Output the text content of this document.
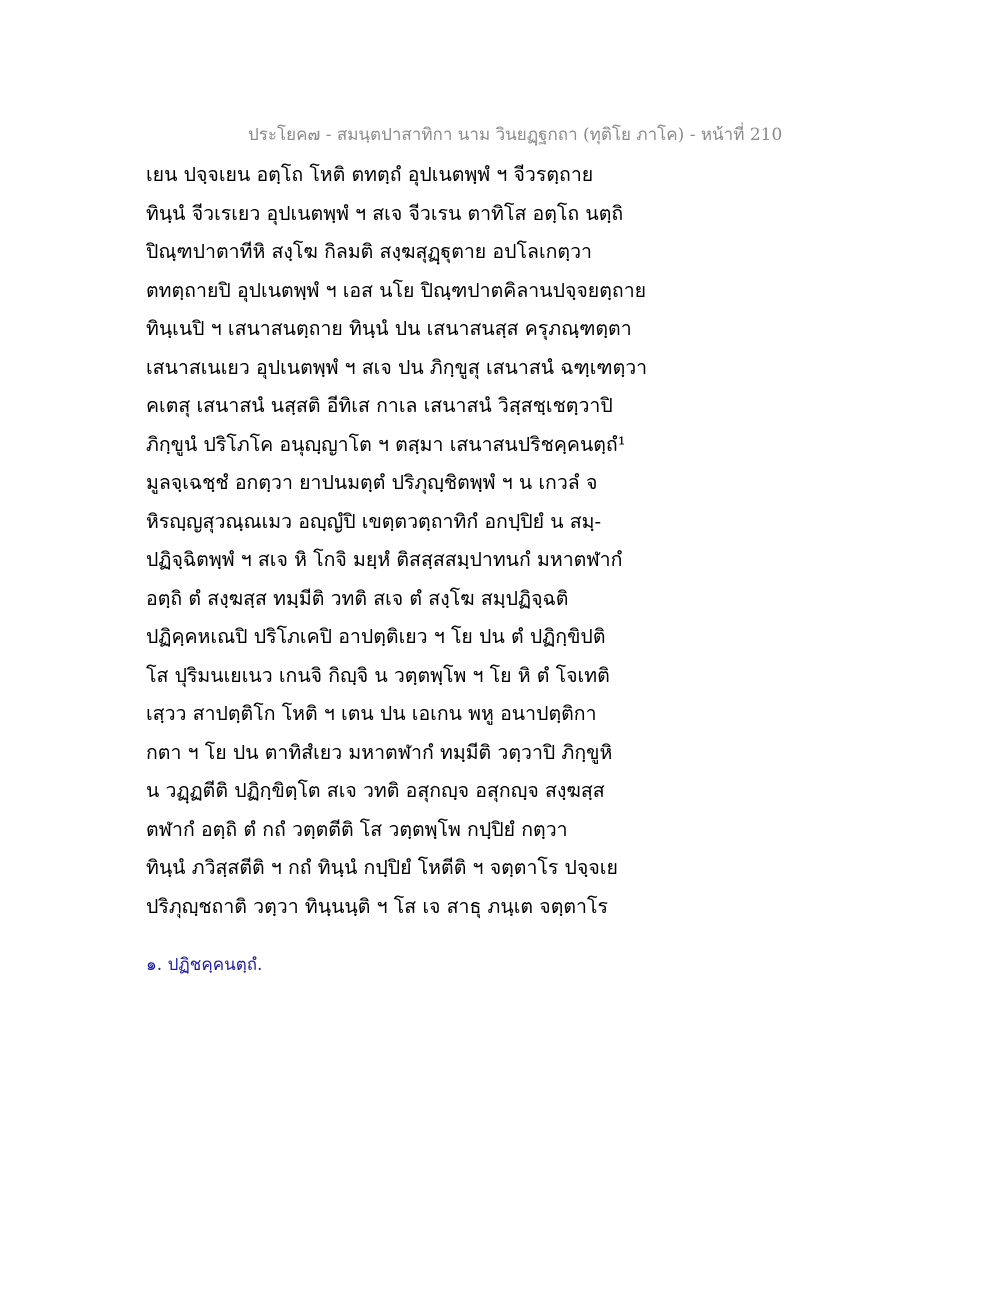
ประโยค๗ - สมนฺตปาสาทิกา นาม วินยฏฺฐกถา (ทุติโย ภาโค) - หน้าที่ 210
เยน ปจฺจเยน อตฺโถ โหติ ตทตฺถํ อุปเนตพฺพํ ฯ จีวรตฺถาย
ทินฺนํ จีวเรเยว อุปเนตพฺพํ ฯ สเจ จีวเรน ตาทิโส อตฺโถ นตฺถิ
ปิณฺฑปาตาทีหิ สงฺโฆ กิลมติ สงฺฆสุฏฺฐุตาย อปโลเกตฺวา
ตทตฺถายปิ อุปเนตพฺพํ ฯ เอส นโย ปิณฺฑปาตคิลานปจฺจยตฺถาย
ทินฺเนปิ ฯ เสนาสนตฺถาย ทินฺนํ ปน เสนาสนสฺส ครุภณฺฑตฺตา
เสนาสเนเยว อุปเนตพฺพํ ฯ สเจ ปน ภิกฺขูสุ เสนาสนํ ฉฑฺเฑตฺวา
คเตสุ เสนาสนํ นสฺสติ อีทิเส กาเล เสนาสนํ วิสฺสชฺเชตฺวาปิ
ภิกฺขูนํ ปริโภโค อนุญฺญาโต ฯ ตสฺมา เสนาสนปริชคฺคนตฺถํ¹
มูลจฺเฉชฺชํ อกตฺวา ยาปนมตฺตํ ปริภุญฺชิตพฺพํ ฯ น เกวลํ จ
หิรญฺญสุวณฺณเมว อญฺญํปิ เขตฺตวตฺถาทิกํ อกปฺปิยํ น สมฺ-
ปฏิจฺฉิตพฺพํ ฯ สเจ หิ โกจิ มยฺหํ ติสสฺสสมฺปาทนกํ มหาตฬากํ
อตฺถิ ตํ สงฺฆสฺส ทมฺมีติ วทติ สเจ ตํ สงฺโฆ สมฺปฏิจฺฉติ
ปฏิคฺคหเณปิ ปริโภเคปิ อาปตฺติเยว ฯ โย ปน ตํ ปฏิกฺขิปติ
โส ปุริมนเยเนว เกนจิ กิญฺจิ น วตฺตพฺโพ ฯ โย หิ ตํ โจเทติ
เสฺวว สาปตฺติโก โหติ ฯ เตน ปน เอเกน พหู อนาปตฺติกา
กตา ฯ โย ปน ตาทิสํเยว มหาตฬากํ ทมฺมีติ วตฺวาปิ ภิกฺขูหิ
น วฏฺฏตีติ ปฏิกฺขิตฺโต สเจ วทติ อสุกญฺจ อสุกญฺจ สงฺฆสฺส
ตฬากํ อตฺถิ ตํ กถํ วตฺตตีติ โส วตฺตพฺโพ กปฺปิยํ กตฺวา
ทินฺนํ ภวิสฺสตีติ ฯ กถํ ทินฺนํ กปฺปิยํ โหตีติ ฯ จตฺตาโร ปจฺจเย
ปริภุญฺชถาติ วตฺวา ทินฺนนฺติ ฯ โส เจ สาธุ ภนฺเต จตฺตาโร
๑. ปฏิชคฺคนตฺถํ.
